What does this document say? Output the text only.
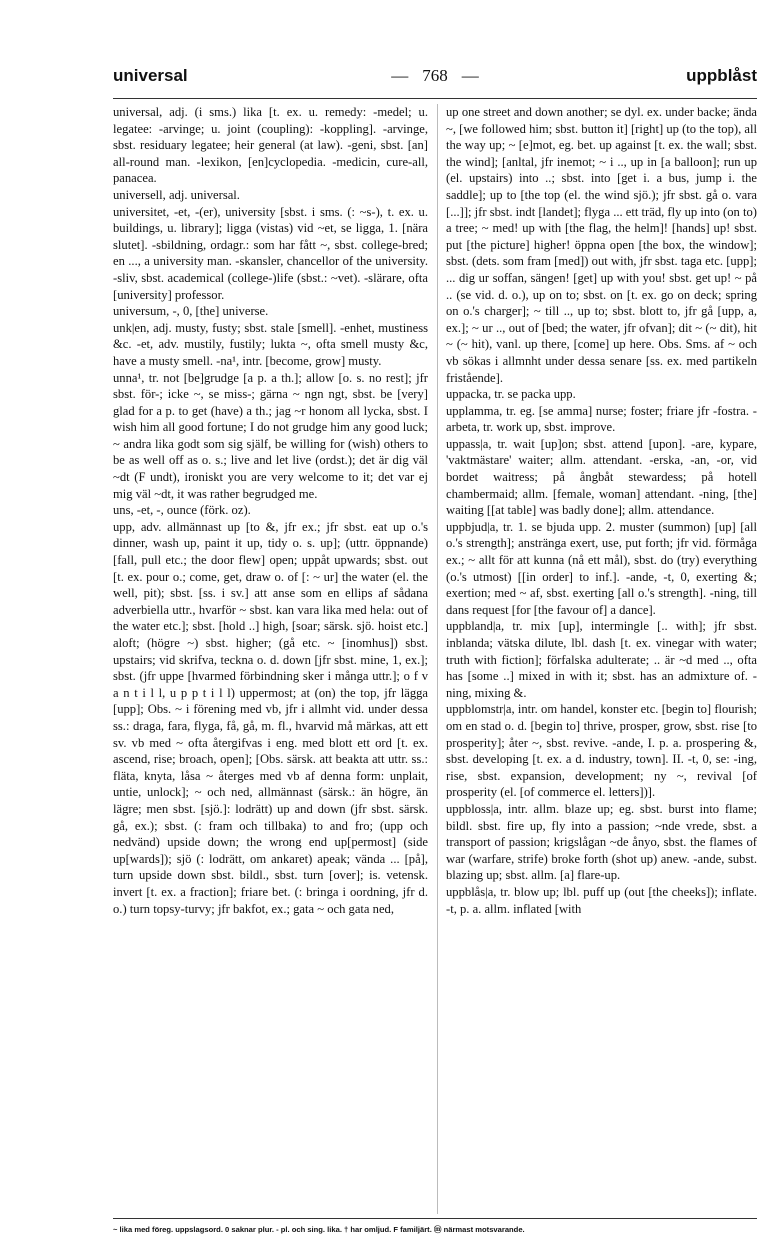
universal	— 768 —	uppblåst

universal, adj. (i sms.) lika [t. ex. u. remedy: -medel; u. legatee: -arvinge; u. joint (coupling): -koppling]. -arvinge, sbst. residuary legatee; heir general (at law). -geni, sbst. [an] all-round man. -lexikon, [en]cyclopedia. -medicin, cure-all, panacea.

universell, adj. universal.

universitet, -et, -(er), university [sbst. i sms. (: ~s-), t. ex. u. buildings, u. library]; ligga (vistas) vid ~et, se ligga, 1. [nära slutet]. -sbildning, ordagr.: som har fått ~, sbst. college-bred; en ..., a university man. -skansler, chancellor of the university. -sliv, sbst. academical (college-)life (sbst.: ~vet). -slärare, ofta [university] professor.

universum, -, 0, [the] universe.

unk|en, adj. musty, fusty; sbst. stale [smell]. -enhet, mustiness &c. -et, adv. mustily, fustily; lukta ~, ofta smell musty &c, have a musty smell. -na¹, intr. [become, grow] musty.

unna¹, tr. not [be]grudge [a p. a th.]; allow [o. s. no rest]; jfr sbst. för-; icke ~, se miss-; gärna ~ ngn ngt, sbst. be [very] glad for a p. to get (have) a th.; jag ~r honom all lycka, sbst. I wish him all good fortune; I do not grudge him any good luck; ~ andra lika godt som sig själf, be willing for (wish) others to be as well off as o. s.; live and let live (ordst.); det är dig väl ~dt (F undt), ironiskt you are very welcome to it; det var ej mig väl ~dt, it was rather begrudged me.

uns, -et, -, ounce (förk. oz).

upp, adv. allmännast up [to &, jfr ex.; jfr sbst. eat up o.'s dinner, wash up, paint it up, tidy o. s. up]; (uttr. öppnande) [fall, pull etc.; the door flew] open; uppåt upwards; sbst. out [t. ex. pour o.; come, get, draw o. of [: ~ ur] the water (el. the well, pit); sbst. [ss. i sv.] att anse som en ellips af sådana adverbiella uttr., hvarför ~ sbst. kan vara lika med hela: out of the water etc.]; sbst. [hold ..] high, [soar; särsk. sjö. hoist etc.] aloft; (högre ~) sbst. higher; (gå etc. ~ [inomhus]) sbst. upstairs; vid skrifva, teckna o. d. down [jfr sbst. mine, 1, ex.]; sbst. (jfr uppe [hvarmed förbindning sker i många uttr.]; o f v a n t i l l, u p p t i l l) uppermost; at (on) the top, jfr lägga [upp]; Obs. ~ i förening med vb, jfr i allmht vid. under dessa ss.: draga, fara, flyga, få, gå, m. fl., hvarvid må märkas, att ett sv. vb med ~ ofta återgifvas i eng. med blott ett ord [t. ex. ascend, rise; broach, open]; [Obs. särsk. att beakta att uttr. ss.: fläta, knyta, låsa ~ återges med vb af denna form: unplait, untie, unlock]; ~ och ned, allmännast (särsk.: än högre, än lägre; men sbst. [sjö.]: lodrätt) up and down (jfr sbst. särsk. gå, ex.); sbst. (: fram och tillbaka) to and fro; (upp och nedvänd) upside down; the wrong end up[permost] (side up[wards]); sjö (: lodrätt, om ankaret) apeak; vända ... [på], turn upside down sbst. bildl., sbst. turn [over]; is. vetensk. invert [t. ex. a fraction]; friare bet. (: bringa i oordning, jfr d. o.) turn topsy-turvy; jfr bakfot, ex.; gata ~ och gata ned,

up one street and down another; se dyl. ex. under backe; ända ~, [we followed him; sbst. button it] [right] up (to the top), all the way up; ~ [e]mot, eg. bet. up against [t. ex. the wall; sbst. the wind]; [anltal, jfr inemot; ~ i .., up in [a balloon]; run up (el. upstairs) into ..; sbst. into [get i. a bus, jump i. the saddle]; up to [the top (el. the wind sjö.); jfr sbst. gå o. vara [...]]; jfr sbst. indt [landet]; flyga ... ett träd, fly up into (on to) a tree; ~ med! up with [the flag, the helm]! [hands] up! sbst. put [the picture] higher! öppna open [the box, the window]; sbst. (dets. som fram [med]) out with, jfr sbst. taga etc. [upp]; ... dig ur soffan, sängen! [get] up with you! sbst. get up! ~ på .. (se vid. d. o.), up on to; sbst. on [t. ex. go on deck; spring on o.'s charger]; ~ till .., up to; sbst. blott to, jfr gå [upp, a, ex.]; ~ ur .., out of [bed; the water, jfr ofvan]; dit ~ (~ dit), hit ~ (~ hit), vanl. up there, [come] up here. Obs. Sms. af ~ och vb sökas i allmnht under dessa senare [ss. ex. med partikeln fristående].

uppacka, tr. se packa upp.

upplamma, tr. eg. [se amma] nurse; foster; friare jfr -fostra. -arbeta, tr. work up, sbst. improve.

uppass|a, tr. wait [up]on; sbst. attend [upon]. -are, kypare, 'vaktmästare' waiter; allm. attendant. -erska, -an, -or, vid bordet waitress; på ångbåt stewardess; på hotell chambermaid; allm. [female, woman] attendant. -ning, [the] waiting [[at table] was badly done]; allm. attendance.

uppbjud|a, tr. 1. se bjuda upp. 2. muster (summon) [up] [all o.'s strength]; anstränga exert, use, put forth; jfr vid. förmåga ex.; ~ allt för att kunna (nå ett mål), sbst. do (try) everything (o.'s utmost) [[in order] to inf.]. -ande, -t, 0, exerting &; exertion; med ~ af, sbst. exerting [all o.'s strength]. -ning, till dans request [for [the favour of] a dance].

uppbland|a, tr. mix [up], intermingle [.. with]; jfr sbst. inblanda; vätska dilute, lbl. dash [t. ex. vinegar with water; truth with fiction]; förfalska adulterate; .. är ~d med .., ofta has [some ..] mixed in with it; sbst. has an admixture of. -ning, mixing &.

uppblomstr|a, intr. om handel, konster etc. [begin to] flourish; om en stad o. d. [begin to] thrive, prosper, grow, sbst. rise [to prosperity]; åter ~, sbst. revive. -ande, I. p. a. prospering &, sbst. developing [t. ex. a d. industry, town]. II. -t, 0, se: -ing, rise, sbst. expansion, development; ny ~, revival [of prosperity (el. [of commerce el. letters])].

uppbloss|a, intr. allm. blaze up; eg. sbst. burst into flame; bildl. sbst. fire up, fly into a passion; ~nde vrede, sbst. a transport of passion; krigslågan ~de ånyo, sbst. the flames of war (warfare, strife) broke forth (shot up) anew. -ande, subst. blazing up; sbst. allm. [a] flare-up.

uppblås|a, tr. blow up; lbl. puff up (out [the cheeks]); inflate. -t, p. a. allm. inflated [with

~ lika med föreg. uppslagsord. 0 saknar plur. - pl. och sing. lika. † har omljud. F familjärt. ⓜ närmast motsvarande.
